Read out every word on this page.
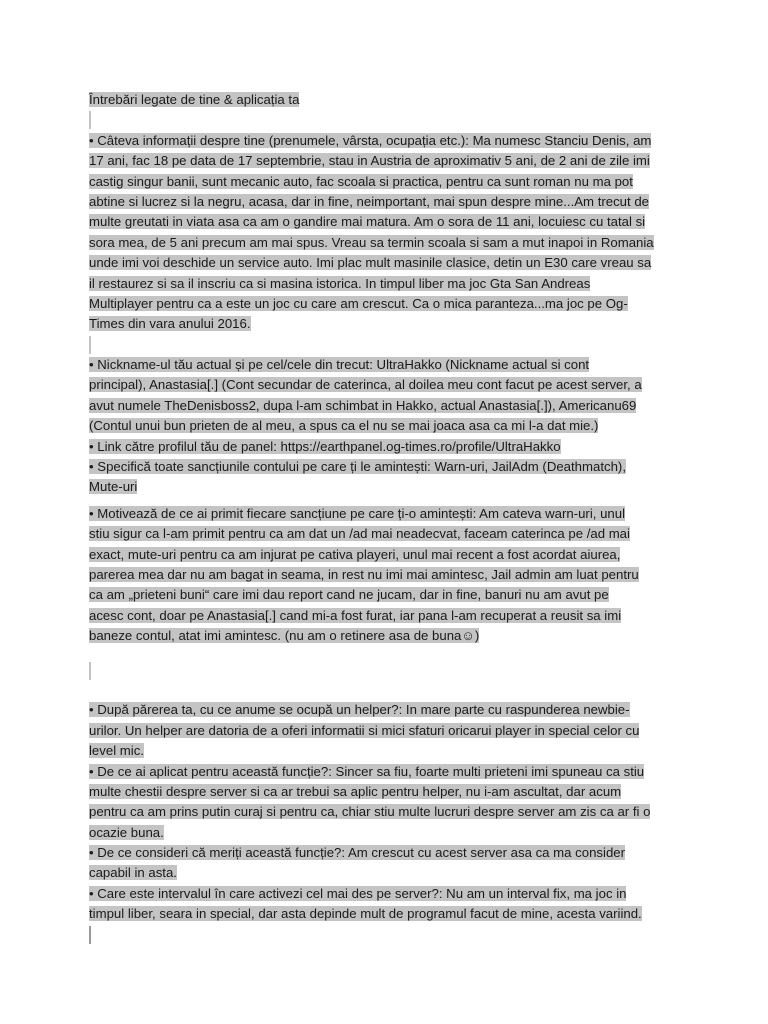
Întrebări legate de tine & aplicația ta
• Câteva informații despre tine (prenumele, vârsta, ocupația etc.): Ma numesc Stanciu Denis, am
17 ani, fac 18 pe data de 17 septembrie, stau in Austria de aproximativ 5 ani, de 2 ani de zile imi
castig singur banii, sunt mecanic auto, fac scoala si practica, pentru ca sunt roman nu ma pot
abtine si lucrez si la negru, acasa, dar in fine, neimportant, mai spun despre mine...Am trecut de
multe greutati in viata asa ca am o gandire mai matura. Am o sora de 11 ani, locuiesc cu tatal si
sora mea, de 5 ani precum am mai spus. Vreau sa termin scoala si sam a mut inapoi in Romania
unde imi voi deschide un service auto. Imi plac mult masinile clasice, detin un E30 care vreau sa
il restaurez si sa il inscriu ca si masina istorica. In timpul liber ma joc Gta San Andreas
Multiplayer pentru ca a este un joc cu care am crescut. Ca o mica paranteza...ma joc pe Og-
Times din vara anului 2016.
• Nickname-ul tău actual și pe cel/cele din trecut: UltraHakko (Nickname actual si cont
principal), Anastasia[.] (Cont secundar de caterinca, al doilea meu cont facut pe acest server, a
avut numele TheDenisboss2, dupa l-am schimbat in Hakko, actual Anastasia[.]), Americanu69
(Contul unui bun prieten de al meu, a spus ca el nu se mai joaca asa ca mi l-a dat mie.)
• Link către profilul tău de panel: https://earthpanel.og-times.ro/profile/UltraHakko
• Specifică toate sancțiunile contului pe care ți le amintești: Warn-uri, JailAdm (Deathmatch),
Mute-uri
• Motivează de ce ai primit fiecare sancțiune pe care ți-o amintești: Am cateva warn-uri, unul
stiu sigur ca l-am primit pentru ca am dat un /ad mai neadecvat, faceam caterinca pe /ad mai
exact, mute-uri pentru ca am injurat pe cativa playeri, unul mai recent a fost acordat aiurea,
parerea mea dar nu am bagat in seama, in rest nu imi mai amintesc, Jail admin am luat pentru
ca am „prieteni buni“ care imi dau report cand ne jucam, dar in fine, banuri nu am avut pe
acesc cont, doar pe Anastasia[.] cand mi-a fost furat, iar pana l-am recuperat a reusit sa imi
baneze contul, atat imi amintesc. (nu am o retinere asa de buna☺)
• După părerea ta, cu ce anume se ocupă un helper?: In mare parte cu raspunderea newbie-
urilor. Un helper are datoria de a oferi informatii si mici sfaturi oricarui player in special celor cu
level mic.
• De ce ai aplicat pentru această funcție?: Sincer sa fiu, foarte multi prieteni imi spuneau ca stiu
multe chestii despre server si ca ar trebui sa aplic pentru helper, nu i-am ascultat, dar acum
pentru ca am prins putin curaj si pentru ca, chiar stiu multe lucruri despre server am zis ca ar fi o
ocazie buna.
• De ce consideri că meriți această funcție?: Am crescut cu acest server asa ca ma consider
capabil in asta.
• Care este intervalul în care activezi cel mai des pe server?: Nu am un interval fix, ma joc in
timpul liber, seara in special, dar asta depinde mult de programul facut de mine, acesta variind.
